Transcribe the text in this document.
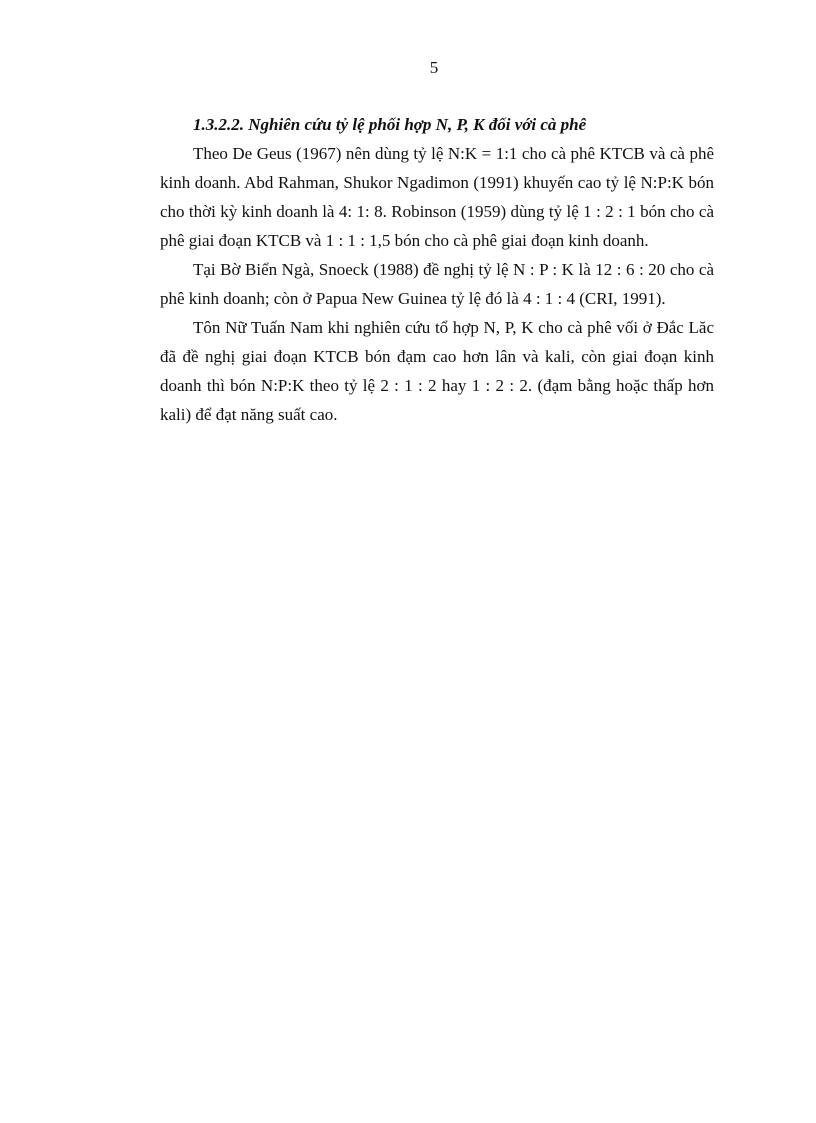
5

1.3.2.2. Nghiên cứu tỷ lệ phối hợp N, P, K đối với cà phê

Theo De Geus (1967) nên dùng tỷ lệ N:K = 1:1 cho cà phê KTCB và cà phê kinh doanh. Abd Rahman, Shukor Ngadimon (1991) khuyến cao tỷ lệ N:P:K bón cho thời kỳ kinh doanh là 4: 1: 8. Robinson (1959) dùng tỷ lệ 1 : 2 : 1 bón cho cà phê giai đoạn KTCB và 1 : 1 : 1,5 bón cho cà phê giai đoạn kinh doanh.

Tại Bờ Biển Ngà, Snoeck (1988) đề nghị tỷ lệ N : P : K là 12 : 6 : 20 cho cà phê kinh doanh; còn ở Papua New Guinea tỷ lệ đó là 4 : 1 : 4 (CRI, 1991).

Tôn Nữ Tuấn Nam khi nghiên cứu tổ hợp N, P, K cho cà phê vối ở Đắc Lăc đã đề nghị giai đoạn KTCB bón đạm cao hơn lân và kali, còn giai đoạn kinh doanh thì bón N:P:K theo tỷ lệ 2 : 1 : 2 hay 1 : 2 : 2. (đạm bằng hoặc thấp hơn kali) để đạt năng suất cao.
